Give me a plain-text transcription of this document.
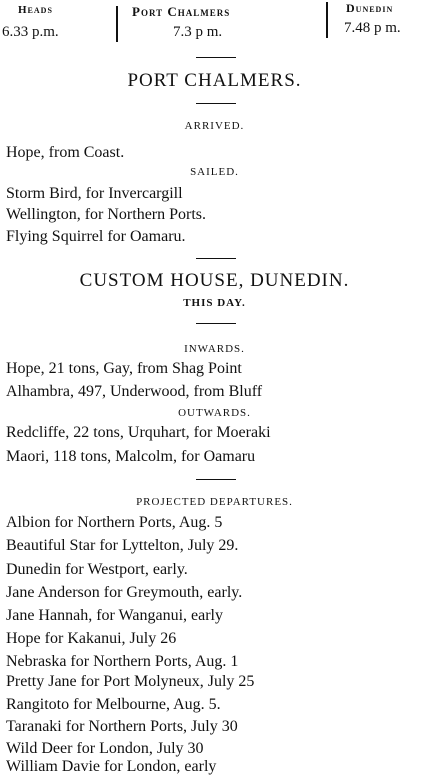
Heads
6.33 p.m.
Port Chalmers
7.3 p m.
Dunedin
7.48 p m.
PORT CHALMERS.
ARRIVED.
Hope, from Coast.
SAILED.
Storm Bird, for Invercargill
Wellington, for Northern Ports.
Flying Squirrel for Oamaru.
CUSTOM HOUSE, DUNEDIN.
THIS DAY.
INWARDS.
Hope, 21 tons, Gay, from Shag Point
Alhambra, 497, Underwood, from Bluff
OUTWARDS.
Redcliffe, 22 tons, Urquhart, for Moeraki
Maori, 118 tons, Malcolm, for Oamaru
PROJECTED DEPARTURES.
Albion for Northern Ports, Aug. 5
Beautiful Star for Lyttelton, July 29.
Dunedin for Westport, early.
Jane Anderson for Greymouth, early.
Jane Hannah, for Wanganui, early
Hope for Kakanui, July 26
Nebraska for Northern Ports, Aug. 1
Pretty Jane for Port Molyneux, July 25
Rangitoto for Melbourne, Aug. 5.
Taranaki for Northern Ports, July 30
Wild Deer for London, July 30
William Davie for London, early
